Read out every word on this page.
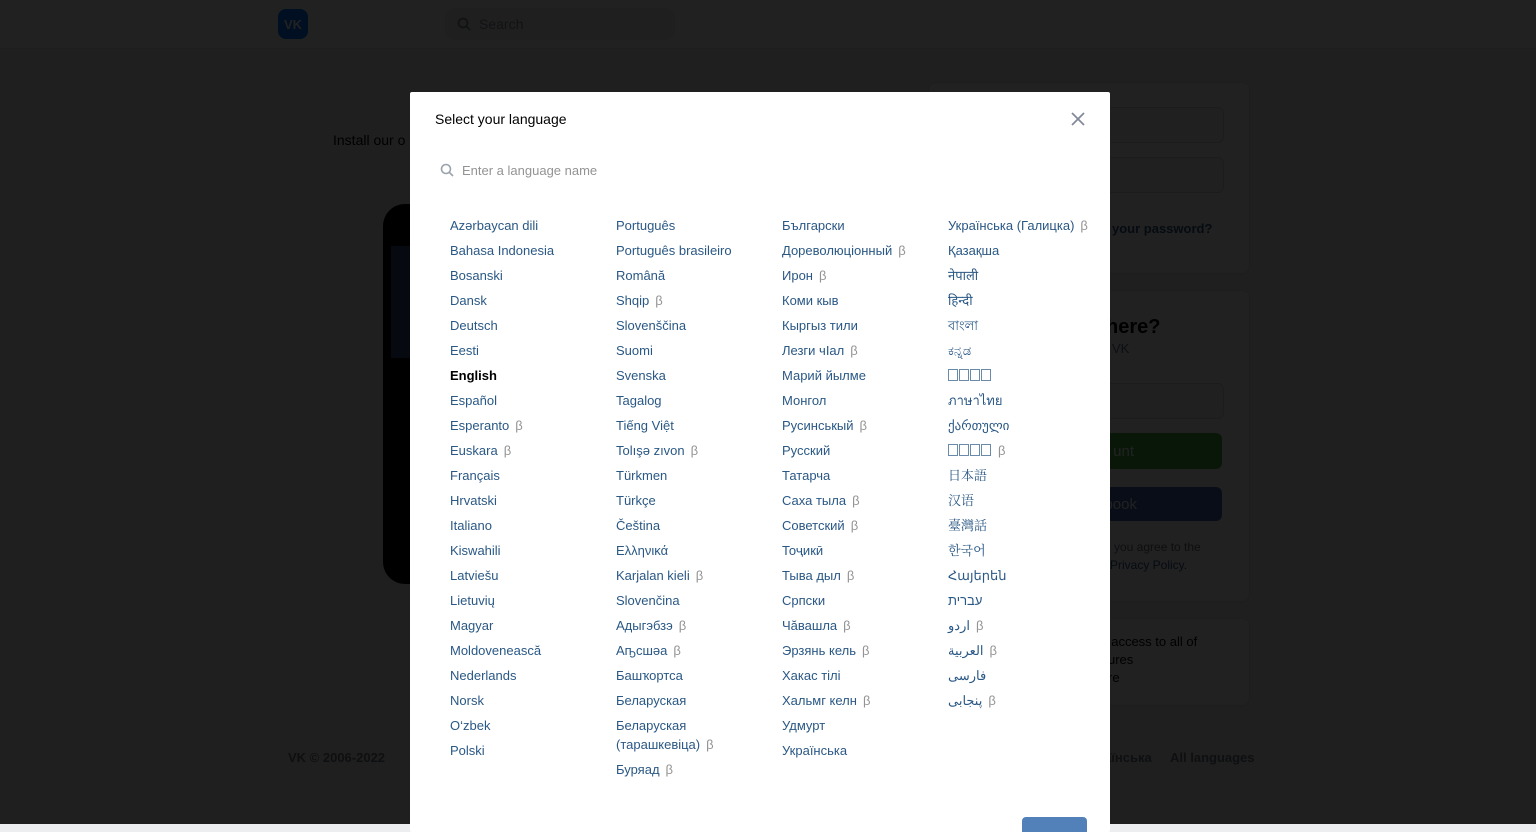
Select your language
Enter a language name
Azərbaycan dili
Bahasa Indonesia
Bosanski
Dansk
Deutsch
Eesti
English
Español
Esperanto β
Euskara β
Français
Hrvatski
Italiano
Kiswahili
Latviešu
Lietuvių
Magyar
Moldovenească
Nederlands
Norsk
O‘zbek
Polski
Português
Português brasileiro
Română
Shqip β
Slovenščina
Suomi
Svenska
Tagalog
Tiếng Việt
Tolışə zıvon β
Türkmen
Türkçe
Čeština
Ελληνικά
Karjalan kieli β
Slovenčina
Адыгэбзэ β
Аҧсшәа β
Башҡортса
Беларуская
Беларуская (тарашкевіца) β
Буряад β
Български
Дореволюціонный β
Ирон β
Коми кыв
Кыргыз тили
Лезги чIал β
Марий йылме
Монгол
Русинськый β
Русский
Татарча
Саха тыла β
Советский β
Тоҷикӣ
Тыва дыл β
Српски
Чăвашла β
Эрзянь кель β
Хакас тілі
Хальмг келн β
Удмурт
Українська
Українська (Галицка) β
Қазақша
नेपाली
हिन्दी
বাংলা
ಕನ್ನಡ
ภาษาไทย
ქართული
β
日本語
汉语
臺灣話
한국어
Հայերեն
עברית
اردو β
العربية β
فارسی
پنجابی β
